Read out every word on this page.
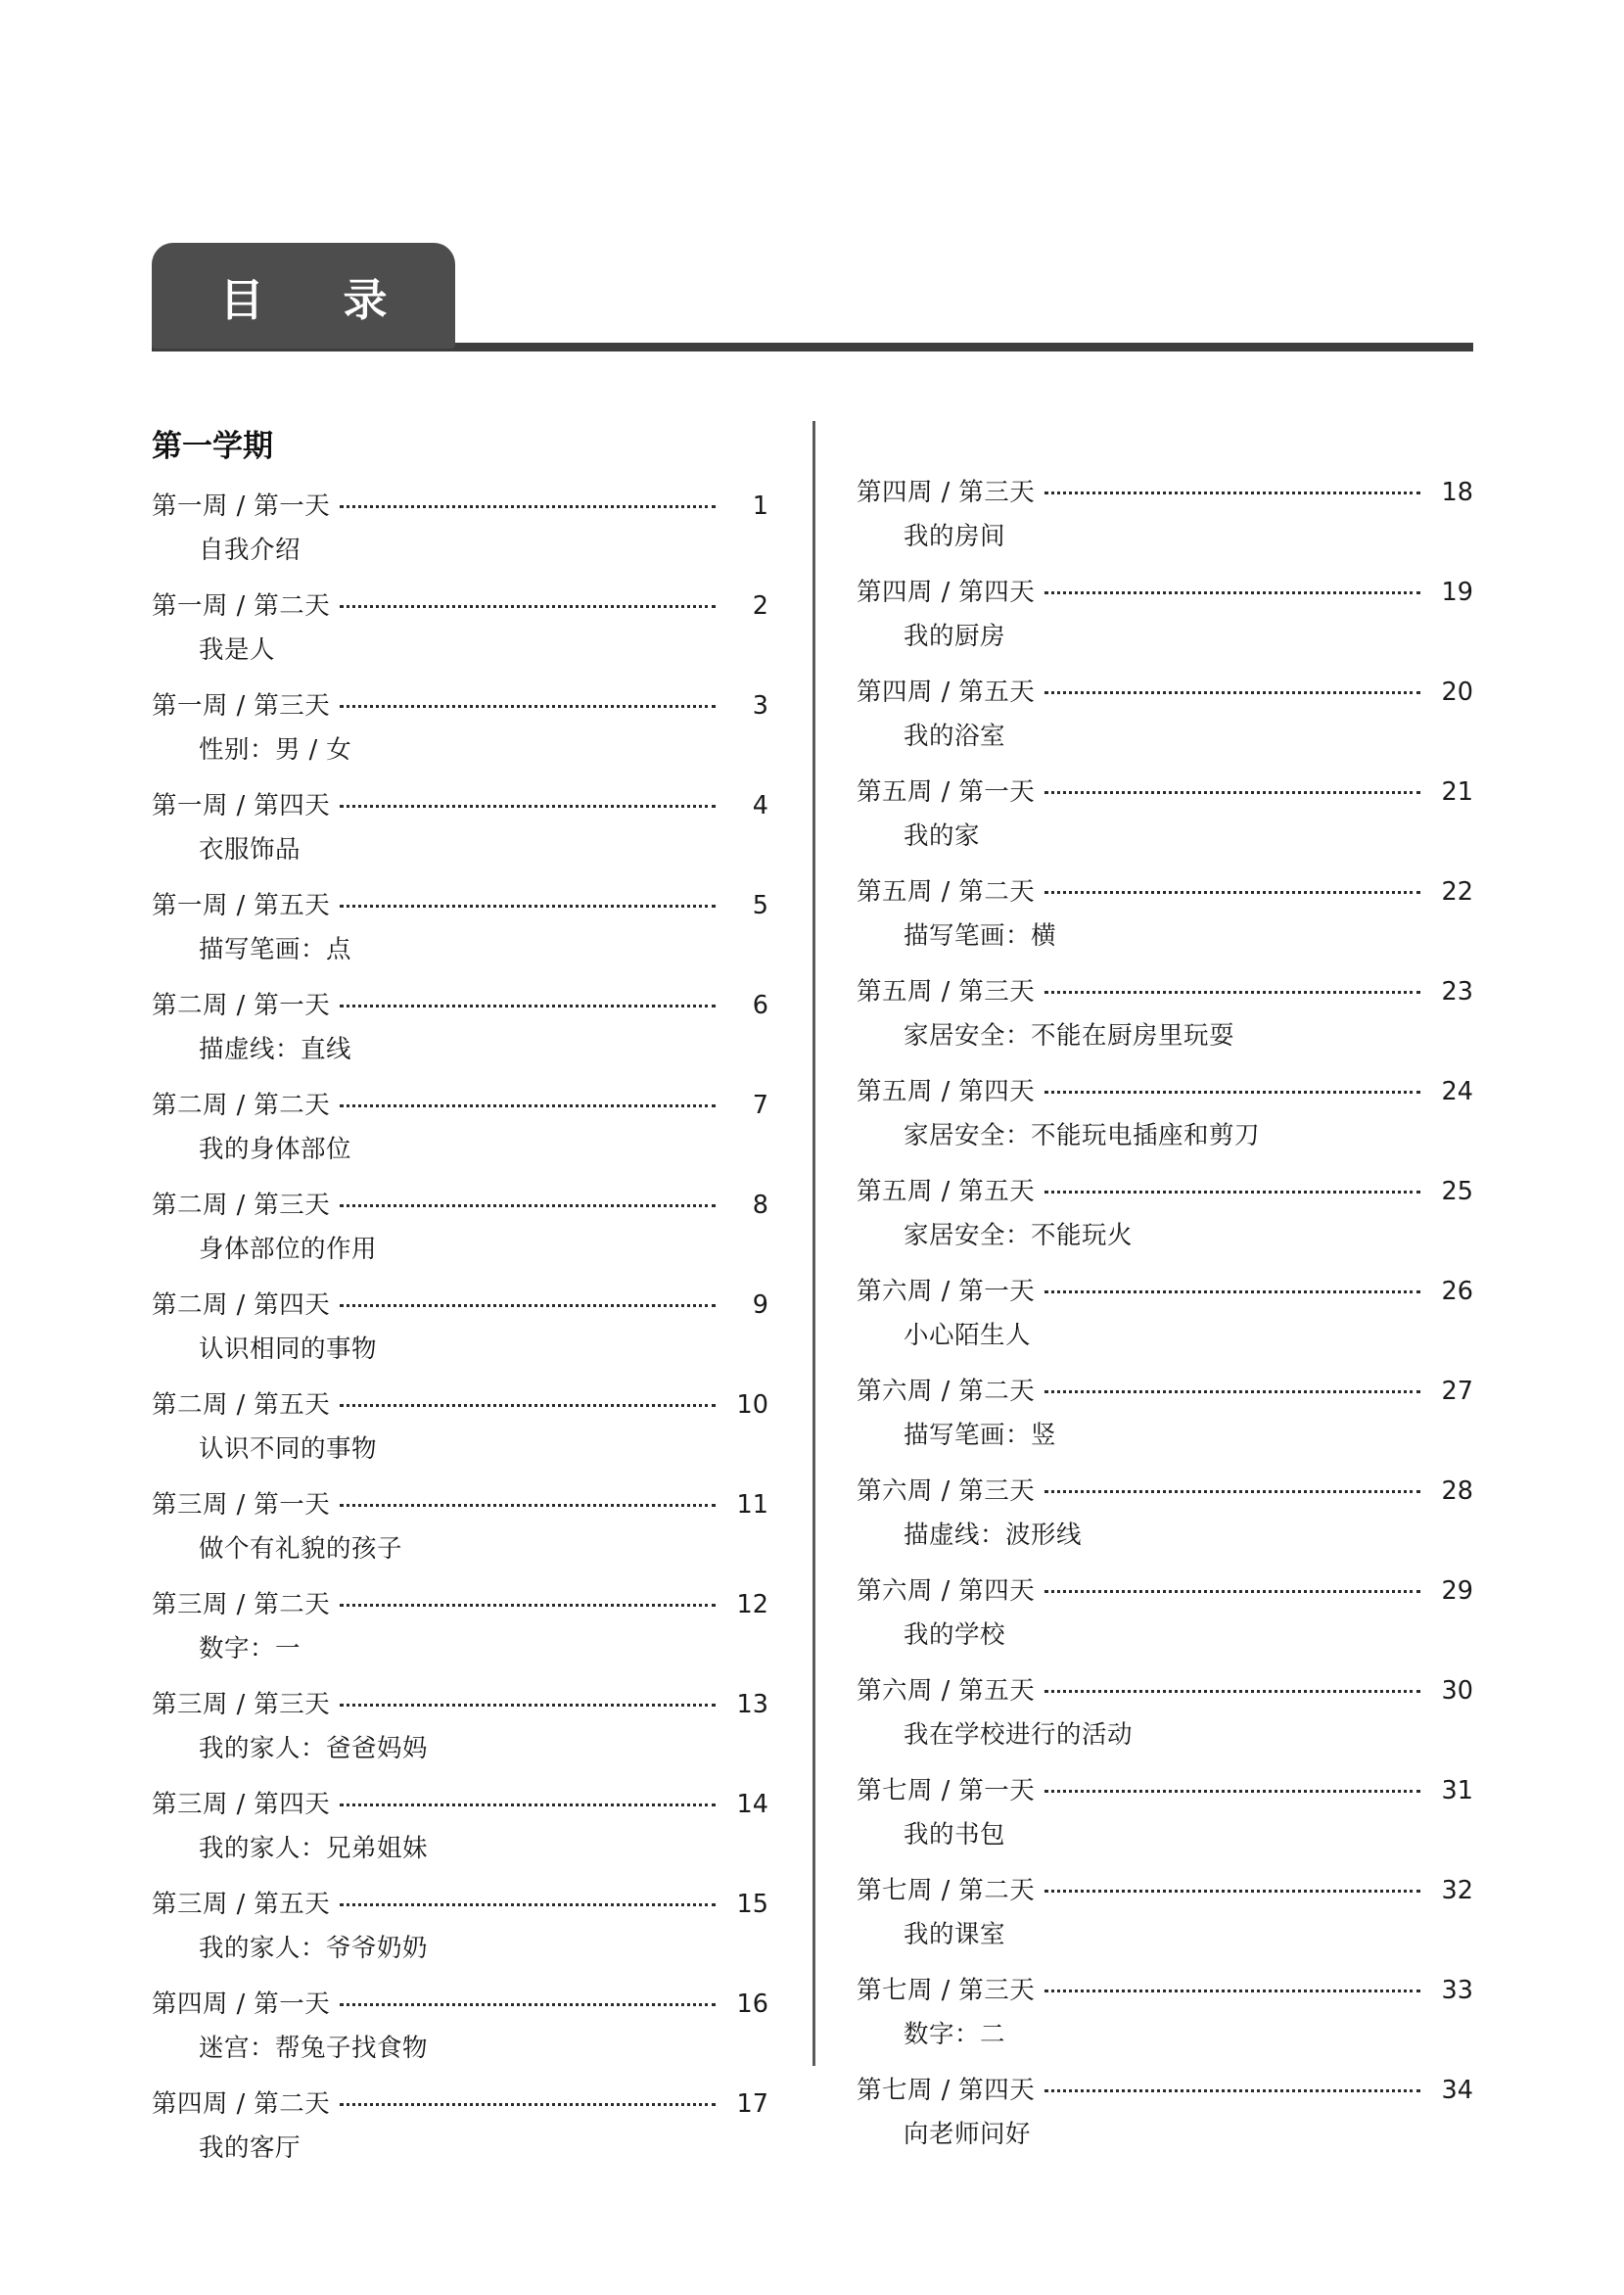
目　录
第一学期
第一周 / 第一天	1
自我介绍
第一周 / 第二天	2
我是人
第一周 / 第三天	3
性别：男 / 女
第一周 / 第四天	4
衣服饰品
第一周 / 第五天	5
描写笔画：点
第二周 / 第一天	6
描虚线：直线
第二周 / 第二天	7
我的身体部位
第二周 / 第三天	8
身体部位的作用
第二周 / 第四天	9
认识相同的事物
第二周 / 第五天	10
认识不同的事物
第三周 / 第一天	11
做个有礼貌的孩子
第三周 / 第二天	12
数字：一
第三周 / 第三天	13
我的家人：爸爸妈妈
第三周 / 第四天	14
我的家人：兄弟姐妹
第三周 / 第五天	15
我的家人：爷爷奶奶
第四周 / 第一天	16
迷宫：帮兔子找食物
第四周 / 第二天	17
我的客厅
第四周 / 第三天	18
我的房间
第四周 / 第四天	19
我的厨房
第四周 / 第五天	20
我的浴室
第五周 / 第一天	21
我的家
第五周 / 第二天	22
描写笔画：横
第五周 / 第三天	23
家居安全：不能在厨房里玩耍
第五周 / 第四天	24
家居安全：不能玩电插座和剪刀
第五周 / 第五天	25
家居安全：不能玩火
第六周 / 第一天	26
小心陌生人
第六周 / 第二天	27
描写笔画：竖
第六周 / 第三天	28
描虚线：波形线
第六周 / 第四天	29
我的学校
第六周 / 第五天	30
我在学校进行的活动
第七周 / 第一天	31
我的书包
第七周 / 第二天	32
我的课室
第七周 / 第三天	33
数字：二
第七周 / 第四天	34
向老师问好
